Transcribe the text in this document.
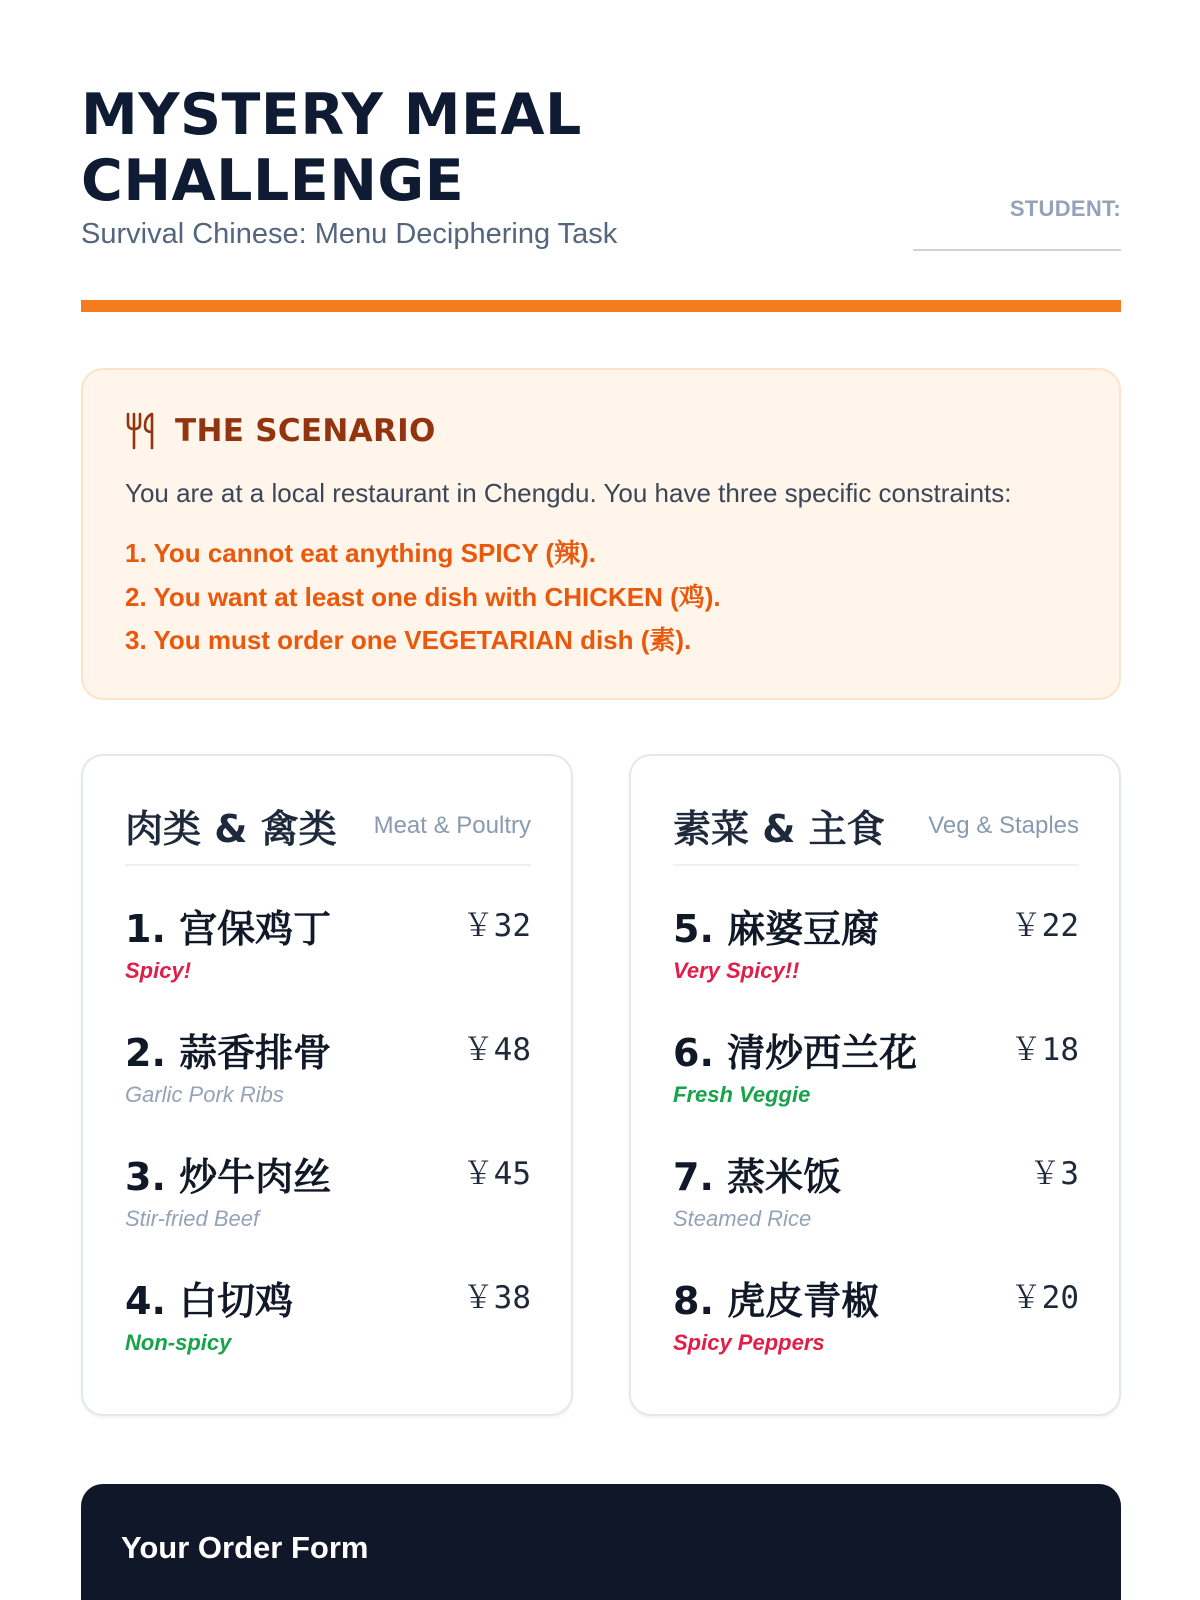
MYSTERY MEAL
CHALLENGE
Survival Chinese: Menu Deciphering Task
STUDENT:
THE SCENARIO

You are at a local restaurant in Chengdu. You have three specific constraints:

1. You cannot eat anything SPICY (辣).
2. You want at least one dish with CHICKEN (鸡).
3. You must order one VEGETARIAN dish (素).
肉类 & 禽类 Meat & Poultry
1. 宫保鸡丁	￥32
Spicy!
2. 蒜香排骨	￥48
Garlic Pork Ribs
3. 炒牛肉丝	￥45
Stir-fried Beef
4. 白切鸡	￥38
Non-spicy
素菜 & 主食 Veg & Staples
5. 麻婆豆腐	￥22
Very Spicy!!
6. 清炒西兰花	￥18
Fresh Veggie
7. 蒸米饭	￥3
Steamed Rice
8. 虎皮青椒	￥20
Spicy Peppers
Your Order Form
